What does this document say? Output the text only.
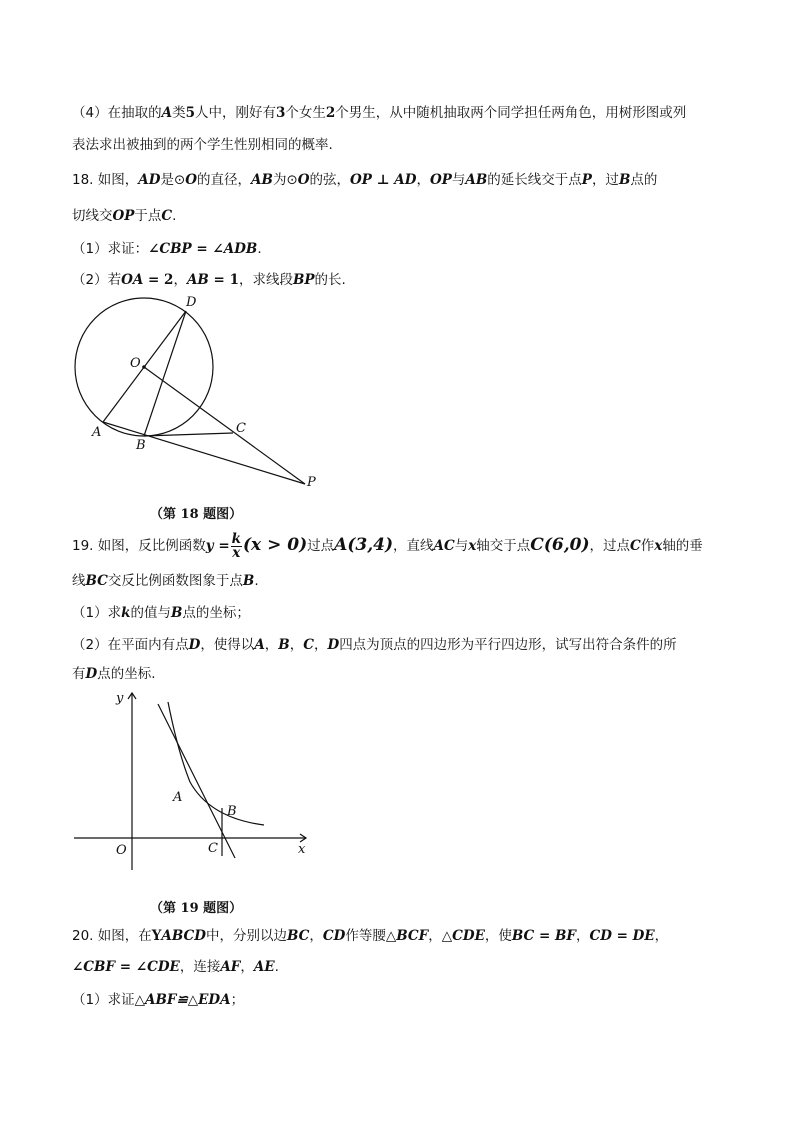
（4）在抽取的A类5人中，刚好有3个女生2个男生，从中随机抽取两个同学担任两角色，用树形图或列
表法求出被抽到的两个学生性别相同的概率.
18. 如图，AD是⊙O的直径，AB为⊙O的弦，OP ⊥ AD，OP与AB的延长线交于点P，过B点的
切线交OP于点C.
（1）求证：∠CBP = ∠ADB.
（2）若OA = 2，AB = 1，求线段BP的长.
D
O
A
B
C
P
（第 18 题图）
19. 如图，反比例函数$y = \frac{k}{x} (x > 0)$过点A(3,4)，直线AC与x轴交于点C(6,0)，过点C作x轴的垂
线BC交反比例函数图象于点B.
（1）求k的值与B点的坐标；
（2）在平面内有点D，使得以A，B，C，D四点为顶点的四边形为平行四边形，试写出符合条件的所
有D点的坐标.
y
x
O
A
B
C
（第 19 题图）
20. 如图，在YABCD中，分别以边BC，CD作等腰△BCF，△CDE，使BC = BF，CD = DE，
∠CBF = ∠CDE，连接AF，AE.
（1）求证△ABF≌△EDA；
